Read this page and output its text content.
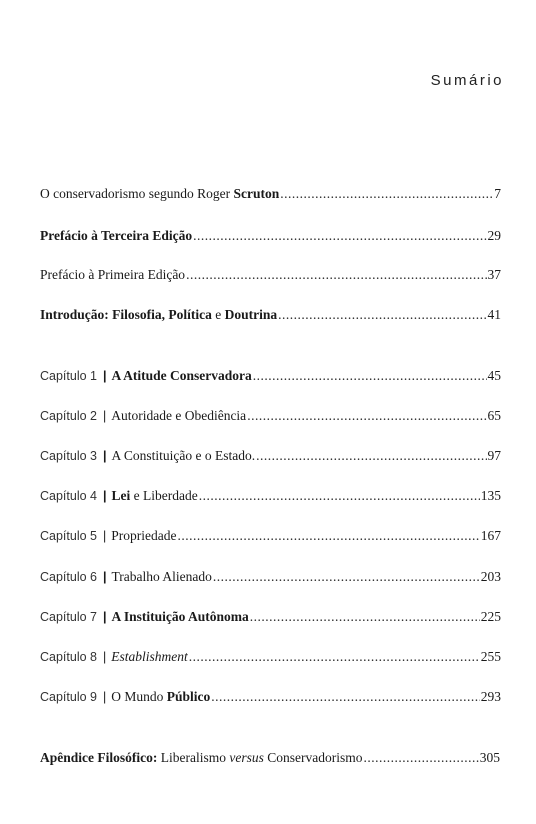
Sumário
O conservadorismo segundo Roger Scruton .....	7
Prefácio à Terceira Edição .....	29
Prefácio à Primeira Edição .....	37
Introdução: Filosofia, Política e Doutrina .....	41
Capítulo 1 | A Atitude Conservadora .....	45
Capítulo 2 | Autoridade e Obediência .....	65
Capítulo 3 | A Constituição e o Estado. .....	97
Capítulo 4 | Lei e Liberdade .....	135
Capítulo 5 | Propriedade .....	167
Capítulo 6 | Trabalho Alienado .....	203
Capítulo 7 | A Instituição Autônoma .....	225
Capítulo 8 | Establishment .....	255
Capítulo 9 | O Mundo Público .....	293
Apêndice Filosófico: Liberalismo versus Conservadorismo .....	305
